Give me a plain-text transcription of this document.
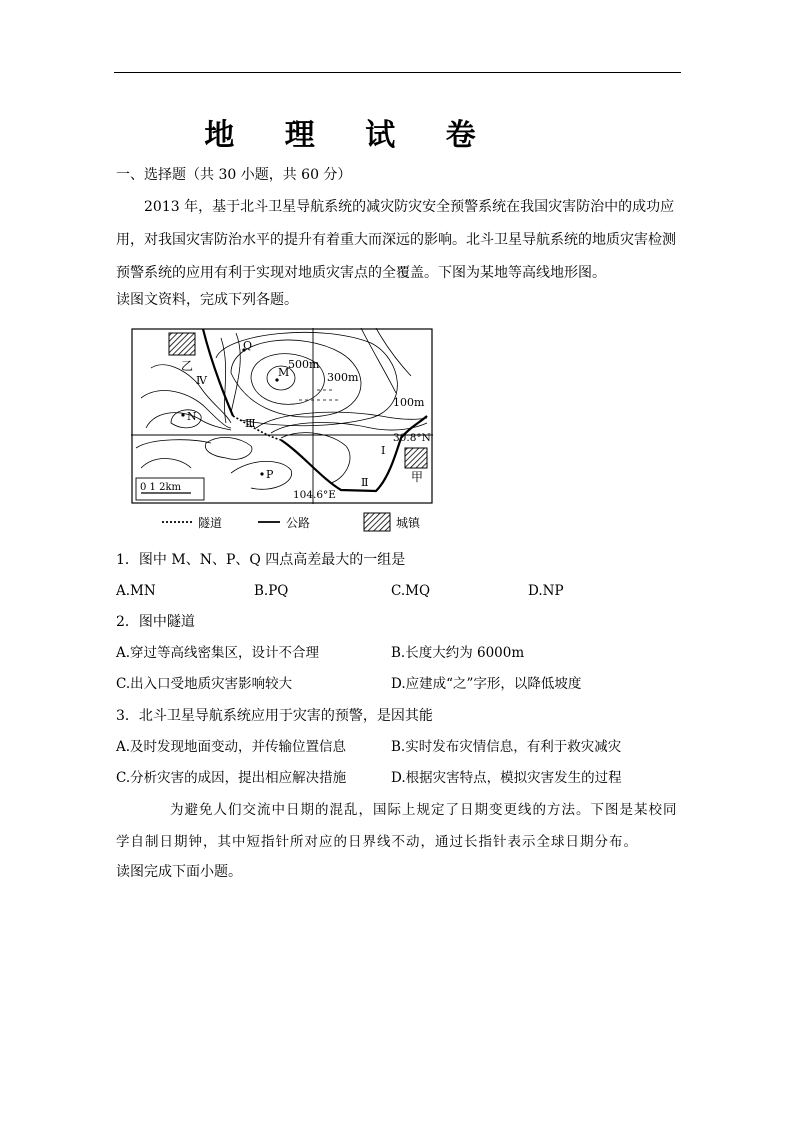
地 理 试 卷
一、选择题（共 30 小题，共 60 分）
2013 年，基于北斗卫星导航系统的减灾防灾安全预警系统在我国灾害防治中的成功应用，对我国灾害防治水平的提升有着重大而深远的影响。北斗卫星导航系统的地质灾害检测预警系统的应用有利于实现对地质灾害点的全覆盖。下图为某地等高线地形图。
读图文资料，完成下列各题。
Q
M
N
P
500m
300m
100m
30.8°N
104.6°E
Ⅰ
Ⅱ
Ⅲ
Ⅳ
乙
甲
0 1 2km
隧道	公路	城镇
1．图中 M、N、P、Q 四点高差最大的一组是
A.MN	B.PQ	C.MQ	D.NP
2．图中隧道
A.穿过等高线密集区，设计不合理	B.长度大约为 6000m
C.出入口受地质灾害影响较大	D.应建成“之”字形，以降低坡度
3．北斗卫星导航系统应用于灾害的预警，是因其能
A.及时发现地面变动，并传输位置信息	B.实时发布灾情信息，有利于救灾减灾
C.分析灾害的成因，提出相应解决措施	D.根据灾害特点，模拟灾害发生的过程
为避免人们交流中日期的混乱，国际上规定了日期变更线的方法。下图是某校同学自制日期钟，其中短指针所对应的日界线不动，通过长指针表示全球日期分布。
读图完成下面小题。
